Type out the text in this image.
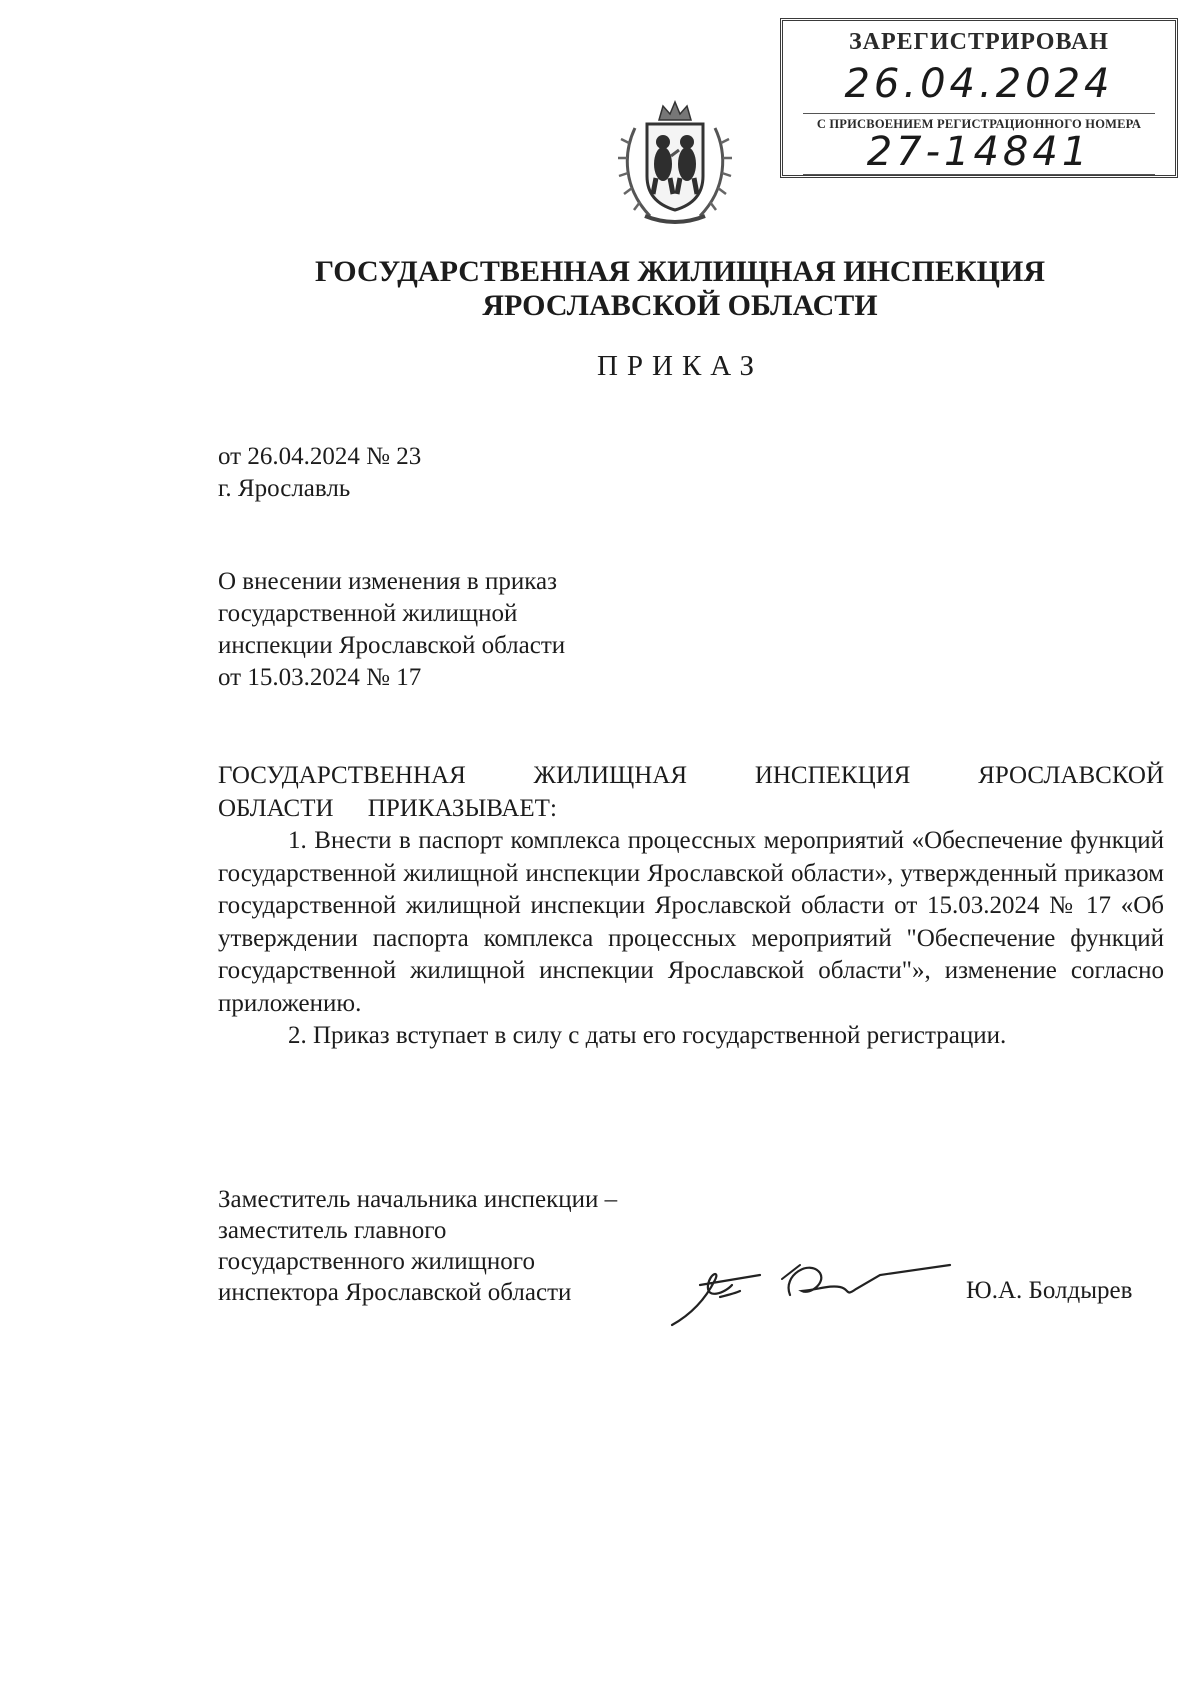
ЗАРЕГИСТРИРОВАН
26.04.2024
С ПРИСВОЕНИЕМ РЕГИСТРАЦИОННОГО НОМЕРА
27-14841
ГОСУДАРСТВЕННАЯ ЖИЛИЩНАЯ ИНСПЕКЦИЯ
ЯРОСЛАВСКОЙ ОБЛАСТИ
ПРИКАЗ
от 26.04.2024 № 23
г. Ярославль
О внесении изменения в приказ
государственной жилищной
инспекции Ярославской области
от 15.03.2024 № 17

ГОСУДАРСТВЕННАЯ ЖИЛИЩНАЯ ИНСПЕКЦИЯ ЯРОСЛАВСКОЙ ОБЛАСТИ ПРИКАЗЫВАЕТ:

1. Внести в паспорт комплекса процессных мероприятий «Обеспечение функций государственной жилищной инспекции Ярославской области», утвержденный приказом государственной жилищной инспекции Ярославской области от 15.03.2024 № 17 «Об утверждении паспорта комплекса процессных мероприятий "Обеспечение функций государственной жилищной инспекции Ярославской области"», изменение согласно приложению.

2. Приказ вступает в силу с даты его государственной регистрации.

Заместитель начальника инспекции –
заместитель главного
государственного жилищного
инспектора Ярославской области	Ю.А. Болдырев
